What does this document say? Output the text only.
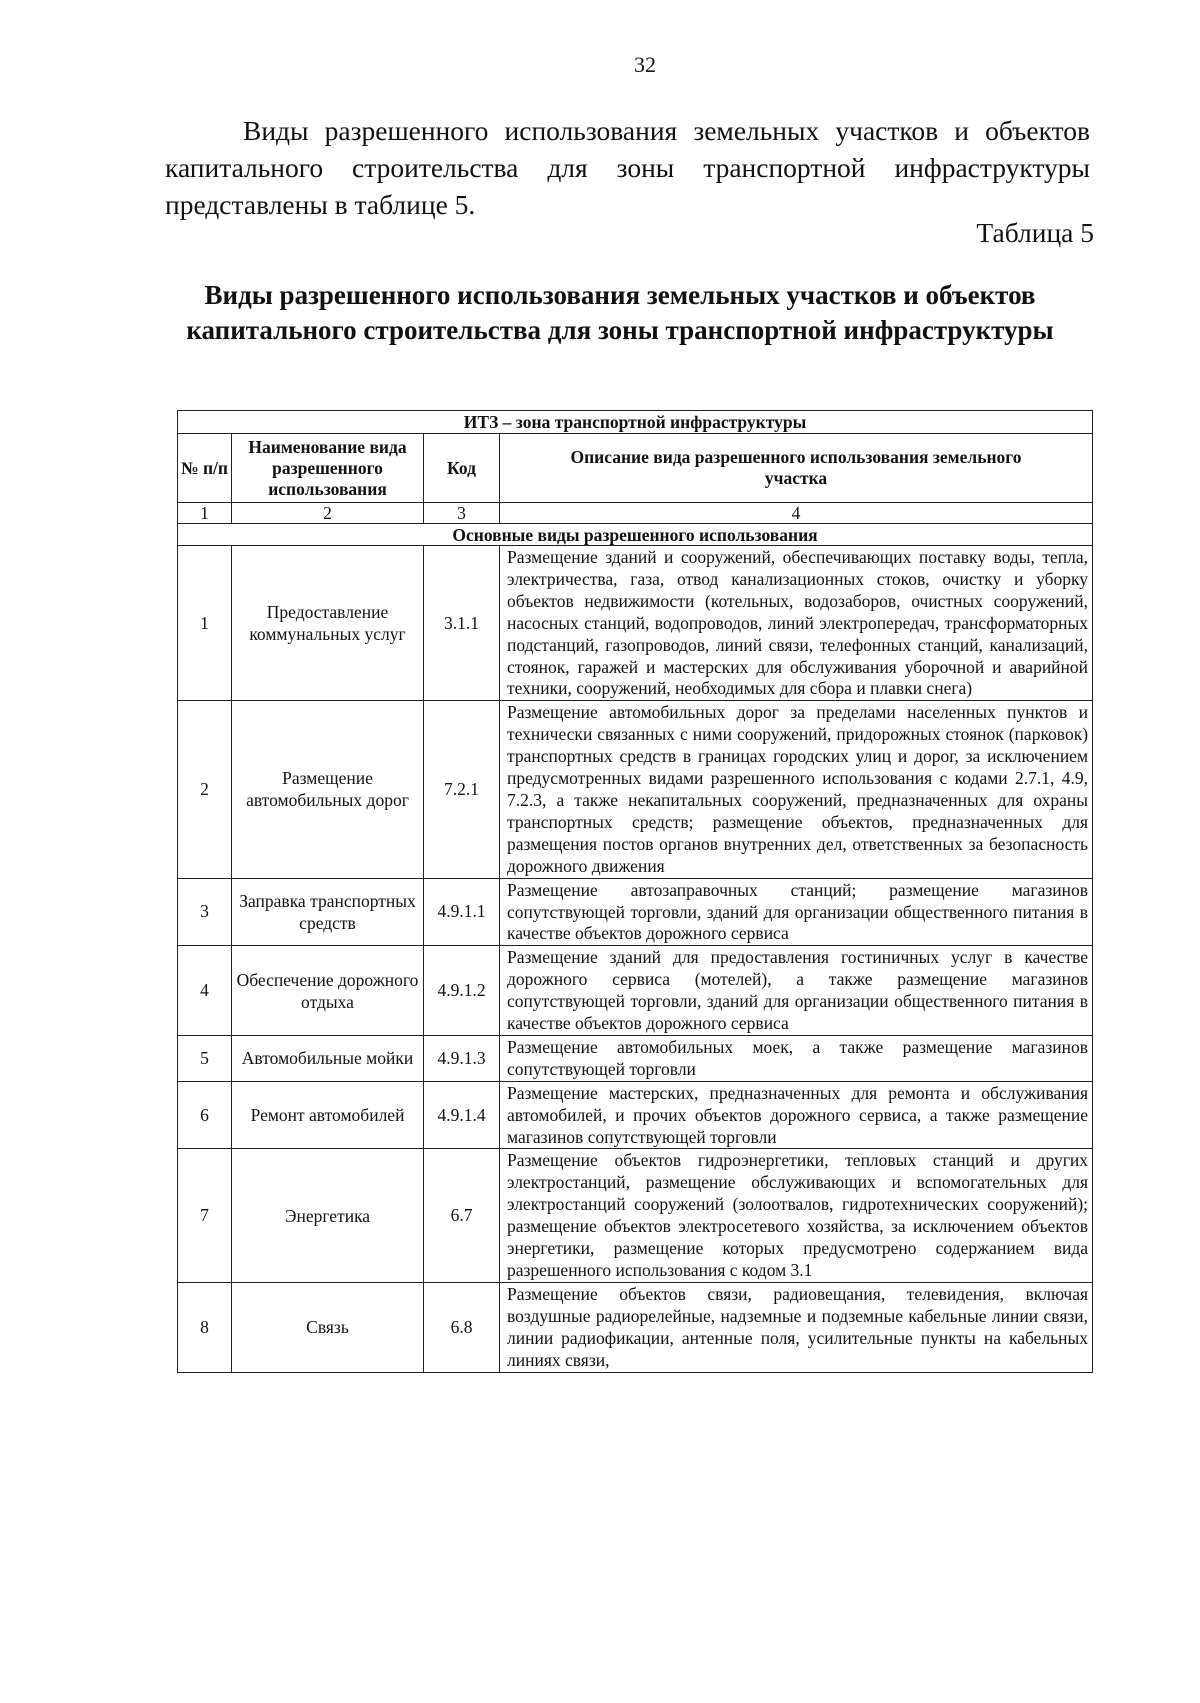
32

Виды разрешенного использования земельных участков и объектов капитального строительства для зоны транспортной инфраструктуры представлены в таблице 5.

Таблица 5
Виды разрешенного использования земельных участков и объектов капитального строительства для зоны транспортной инфраструктуры
ИТЗ – зона транспортной инфраструктуры			
№ п/п	Наименование вида разрешенного использования	Код	Описание вида разрешенного использования земельного участка
1	2	3	4
Основные виды разрешенного использования			
1	Предоставление коммунальных услуг	3.1.1	Размещение зданий и сооружений, обеспечивающих поставку воды, тепла, электричества, газа, отвод канализационных стоков, очистку и уборку объектов недвижимости (котельных, водозаборов, очистных сооружений, насосных станций, водопроводов, линий электропередач, трансформаторных подстанций, газопроводов, линий связи, телефонных станций, канализаций, стоянок, гаражей и мастерских для обслуживания уборочной и аварийной техники, сооружений, необходимых для сбора и плавки снега)
2	Размещение автомобильных дорог	7.2.1	Размещение автомобильных дорог за пределами населенных пунктов и технически связанных с ними сооружений, придорожных стоянок (парковок) транспортных средств в границах городских улиц и дорог, за исключением предусмотренных видами разрешенного использования с кодами 2.7.1, 4.9, 7.2.3, а также некапитальных сооружений, предназначенных для охраны транспортных средств; размещение объектов, предназначенных для размещения постов органов внутренних дел, ответственных за безопасность дорожного движения
3	Заправка транспортных средств	4.9.1.1	Размещение автозаправочных станций; размещение магазинов сопутствующей торговли, зданий для организации общественного питания в качестве объектов дорожного сервиса
4	Обеспечение дорожного отдыха	4.9.1.2	Размещение зданий для предоставления гостиничных услуг в качестве дорожного сервиса (мотелей), а также размещение магазинов сопутствующей торговли, зданий для организации общественного питания в качестве объектов дорожного сервиса
5	Автомобильные мойки	4.9.1.3	Размещение автомобильных моек, а также размещение магазинов сопутствующей торговли
6	Ремонт автомобилей	4.9.1.4	Размещение мастерских, предназначенных для ремонта и обслуживания автомобилей, и прочих объектов дорожного сервиса, а также размещение магазинов сопутствующей торговли
7	Энергетика	6.7	Размещение объектов гидроэнергетики, тепловых станций и других электростанций, размещение обслуживающих и вспомогательных для электростанций сооружений (золоотвалов, гидротехнических сооружений); размещение объектов электросетевого хозяйства, за исключением объектов энергетики, размещение которых предусмотрено содержанием вида разрешенного использования с кодом 3.1
8	Связь	6.8	Размещение объектов связи, радиовещания, телевидения, включая воздушные радиорелейные, надземные и подземные кабельные линии связи, линии радиофикации, антенные поля, усилительные пункты на кабельных линиях связи,
